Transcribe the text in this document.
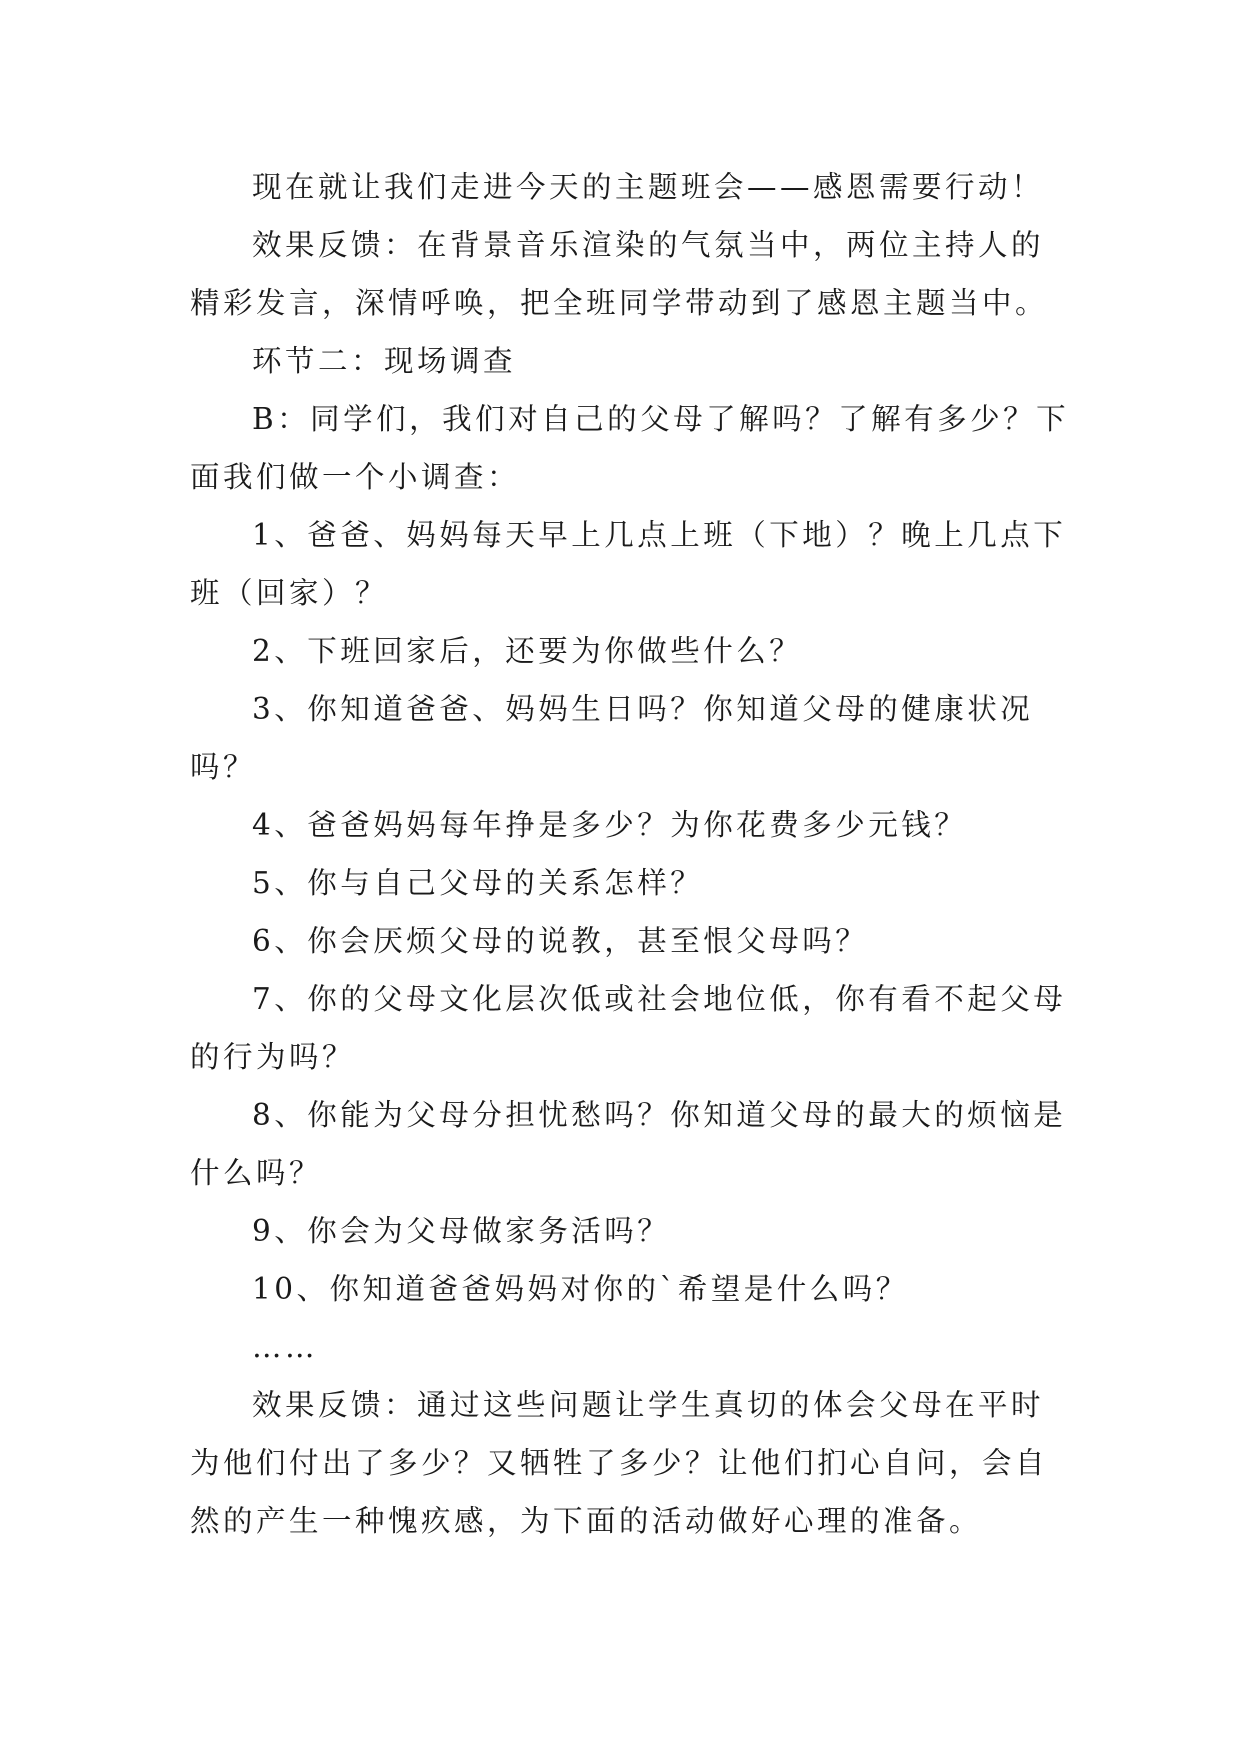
现在就让我们走进今天的主题班会——感恩需要行动！

效果反馈：在背景音乐渲染的气氛当中，两位主持人的精彩发言，深情呼唤，把全班同学带动到了感恩主题当中。

环节二：现场调查

B：同学们，我们对自己的父母了解吗？了解有多少？下面我们做一个小调查：

1、爸爸、妈妈每天早上几点上班（下地）？晚上几点下班（回家）？

2、下班回家后，还要为你做些什么？

3、你知道爸爸、妈妈生日吗？你知道父母的健康状况吗？

4、爸爸妈妈每年挣是多少？为你花费多少元钱？

5、你与自己父母的关系怎样？

6、你会厌烦父母的说教，甚至恨父母吗？

7、你的父母文化层次低或社会地位低，你有看不起父母的行为吗？

8、你能为父母分担忧愁吗？你知道父母的最大的烦恼是什么吗？

9、你会为父母做家务活吗？

10、你知道爸爸妈妈对你的`希望是什么吗？

……

效果反馈：通过这些问题让学生真切的体会父母在平时为他们付出了多少？又牺牲了多少？让他们扪心自问，会自然的产生一种愧疚感，为下面的活动做好心理的准备。
